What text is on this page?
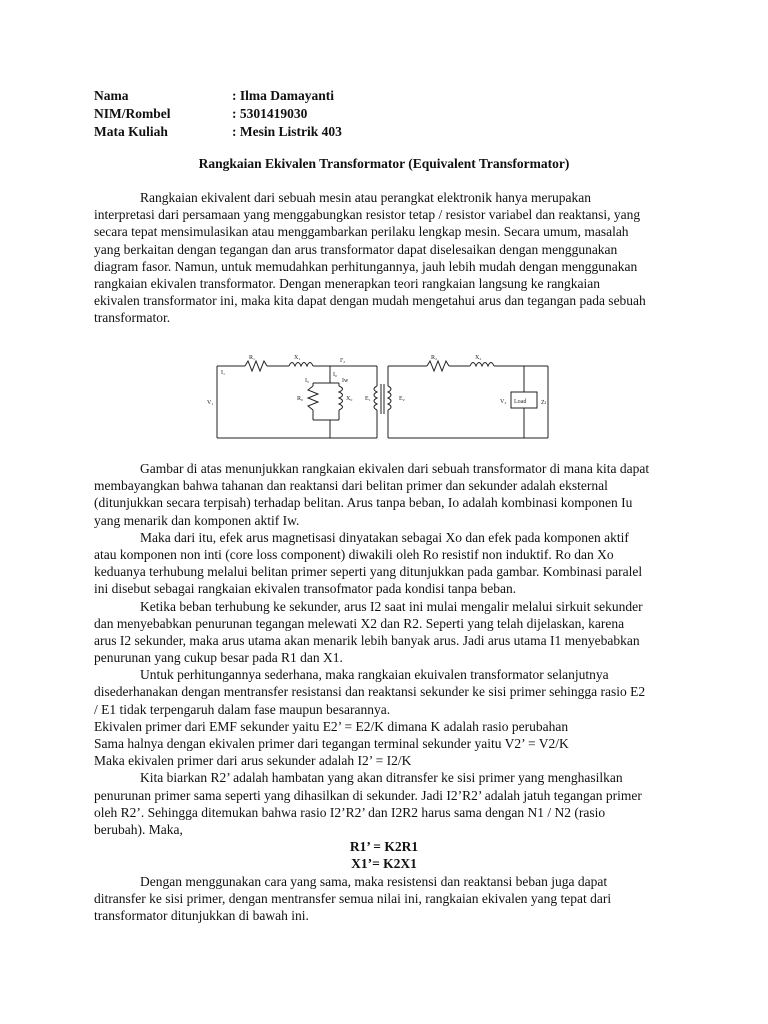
Nama	: Ilma Damayanti
NIM/Rombel	: 5301419030
Mata Kuliah	: Mesin Listrik 403
Rangkaian Ekivalen Transformator (Equivalent Transformator)
Rangkaian ekivalent dari sebuah mesin atau perangkat elektronik hanya merupakan
interpretasi dari persamaan yang menggabungkan resistor tetap / resistor variabel dan reaktansi, yang
secara tepat mensimulasikan atau menggambarkan perilaku lengkap mesin. Secara umum, masalah
yang berkaitan dengan tegangan dan arus transformator dapat diselesaikan dengan menggunakan
diagram fasor. Namun, untuk memudahkan perhitungannya, jauh lebih mudah dengan menggunakan
rangkaian ekivalen transformator. Dengan menerapkan teori rangkaian langsung ke rangkaian
ekivalen transformator ini, maka kita dapat dengan mudah mengetahui arus dan tegangan pada sebuah
transformator.
R₁	X₁	I'₂
I₁
V₁
I₀
Iᵤ	Iw
R₀	X₀ E₁	E₂
R₂	X₂
V₂ Load Zₗ
Gambar di atas menunjukkan rangkaian ekivalen dari sebuah transformator di mana kita dapat
membayangkan bahwa tahanan dan reaktansi dari belitan primer dan sekunder adalah eksternal
(ditunjukkan secara terpisah) terhadap belitan. Arus tanpa beban, Io adalah kombinasi komponen Iu
yang menarik dan komponen aktif Iw.
Maka dari itu, efek arus magnetisasi dinyatakan sebagai Xo dan efek pada komponen aktif
atau komponen non inti (core loss component) diwakili oleh Ro resistif non induktif. Ro dan Xo
keduanya terhubung melalui belitan primer seperti yang ditunjukkan pada gambar. Kombinasi paralel
ini disebut sebagai rangkaian ekivalen transofmator pada kondisi tanpa beban.
Ketika beban terhubung ke sekunder, arus I2 saat ini mulai mengalir melalui sirkuit sekunder
dan menyebabkan penurunan tegangan melewati X2 dan R2. Seperti yang telah dijelaskan, karena
arus I2 sekunder, maka arus utama akan menarik lebih banyak arus. Jadi arus utama I1 menyebabkan
penurunan yang cukup besar pada R1 dan X1.
Untuk perhitungannya sederhana, maka rangkaian ekuivalen transformator selanjutnya
disederhanakan dengan mentransfer resistansi dan reaktansi sekunder ke sisi primer sehingga rasio E2
/ E1 tidak terpengaruh dalam fase maupun besarannya.
Ekivalen primer dari EMF sekunder yaitu E2’ = E2/K dimana K adalah rasio perubahan
Sama halnya dengan ekivalen primer dari tegangan terminal sekunder yaitu V2’ = V2/K
Maka ekivalen primer dari arus sekunder adalah I2’ = I2/K
Kita biarkan R2’ adalah hambatan yang akan ditransfer ke sisi primer yang menghasilkan
penurunan primer sama seperti yang dihasilkan di sekunder. Jadi I2’R2’ adalah jatuh tegangan primer
oleh R2’. Sehingga ditemukan bahwa rasio I2’R2’ dan I2R2 harus sama dengan N1 / N2 (rasio
berubah). Maka,
R1’ = K2R1
X1’= K2X1
Dengan menggunakan cara yang sama, maka resistensi dan reaktansi beban juga dapat
ditransfer ke sisi primer, dengan mentransfer semua nilai ini, rangkaian ekivalen yang tepat dari
transformator ditunjukkan di bawah ini.
